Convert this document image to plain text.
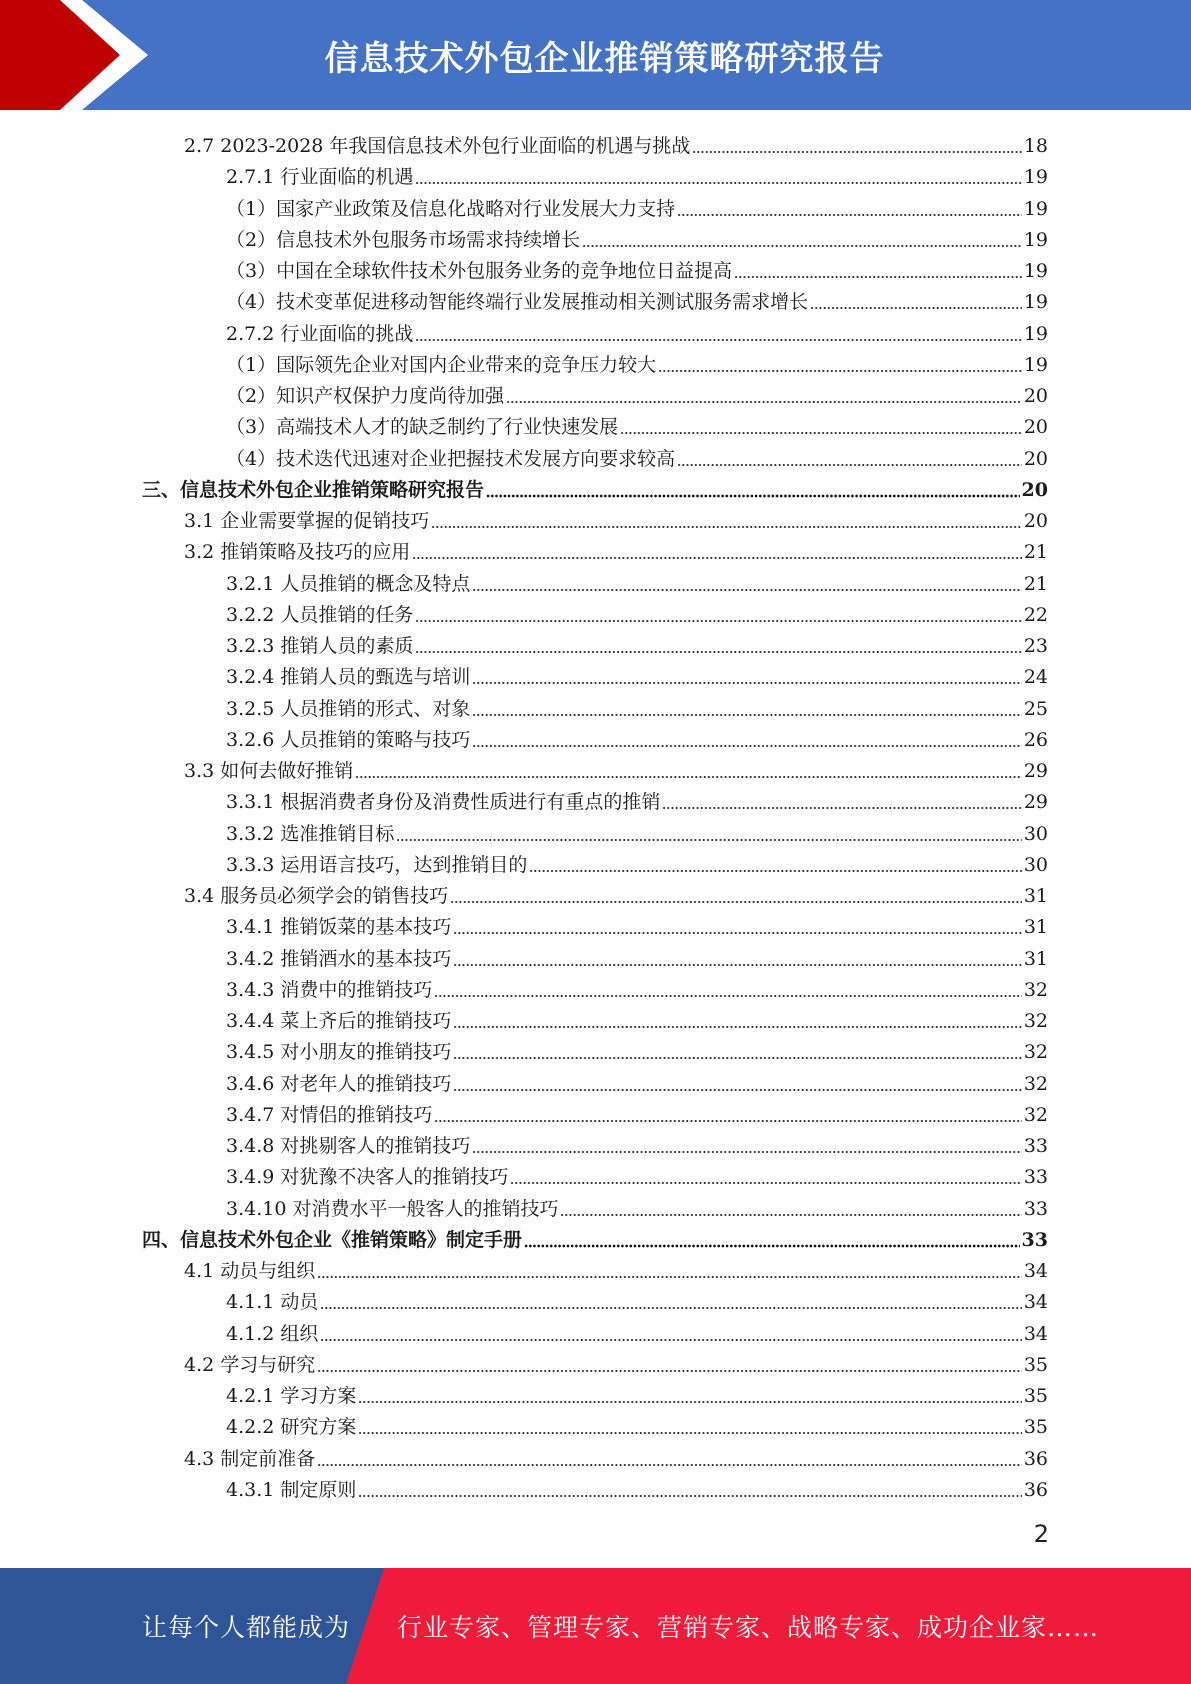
信息技术外包企业推销策略研究报告
2.7 2023-2028 年我国信息技术外包行业面临的机遇与挑战	18
2.7.1 行业面临的机遇	19
（1）国家产业政策及信息化战略对行业发展大力支持	19
（2）信息技术外包服务市场需求持续增长	19
（3）中国在全球软件技术外包服务业务的竞争地位日益提高	19
（4）技术变革促进移动智能终端行业发展推动相关测试服务需求增长	19
2.7.2 行业面临的挑战	19
（1）国际领先企业对国内企业带来的竞争压力较大	19
（2）知识产权保护力度尚待加强	20
（3）高端技术人才的缺乏制约了行业快速发展	20
（4）技术迭代迅速对企业把握技术发展方向要求较高	20
三、信息技术外包企业推销策略研究报告	20
3.1 企业需要掌握的促销技巧	20
3.2 推销策略及技巧的应用	21
3.2.1 人员推销的概念及特点	21
3.2.2 人员推销的任务	22
3.2.3 推销人员的素质	23
3.2.4 推销人员的甄选与培训	24
3.2.5 人员推销的形式、对象	25
3.2.6 人员推销的策略与技巧	26
3.3 如何去做好推销	29
3.3.1 根据消费者身份及消费性质进行有重点的推销	29
3.3.2 选准推销目标	30
3.3.3 运用语言技巧，达到推销目的	30
3.4 服务员必须学会的销售技巧	31
3.4.1 推销饭菜的基本技巧	31
3.4.2 推销酒水的基本技巧	31
3.4.3 消费中的推销技巧	32
3.4.4 菜上齐后的推销技巧	32
3.4.5 对小朋友的推销技巧	32
3.4.6 对老年人的推销技巧	32
3.4.7 对情侣的推销技巧	32
3.4.8 对挑剔客人的推销技巧	33
3.4.9 对犹豫不决客人的推销技巧	33
3.4.10 对消费水平一般客人的推销技巧	33
四、信息技术外包企业《推销策略》制定手册	33
4.1 动员与组织	34
4.1.1 动员	34
4.1.2 组织	34
4.2 学习与研究	35
4.2.1 学习方案	35
4.2.2 研究方案	35
4.3 制定前准备	36
4.3.1 制定原则	36
2
让每个人都能成为 行业专家、管理专家、营销专家、战略专家、成功企业家……
